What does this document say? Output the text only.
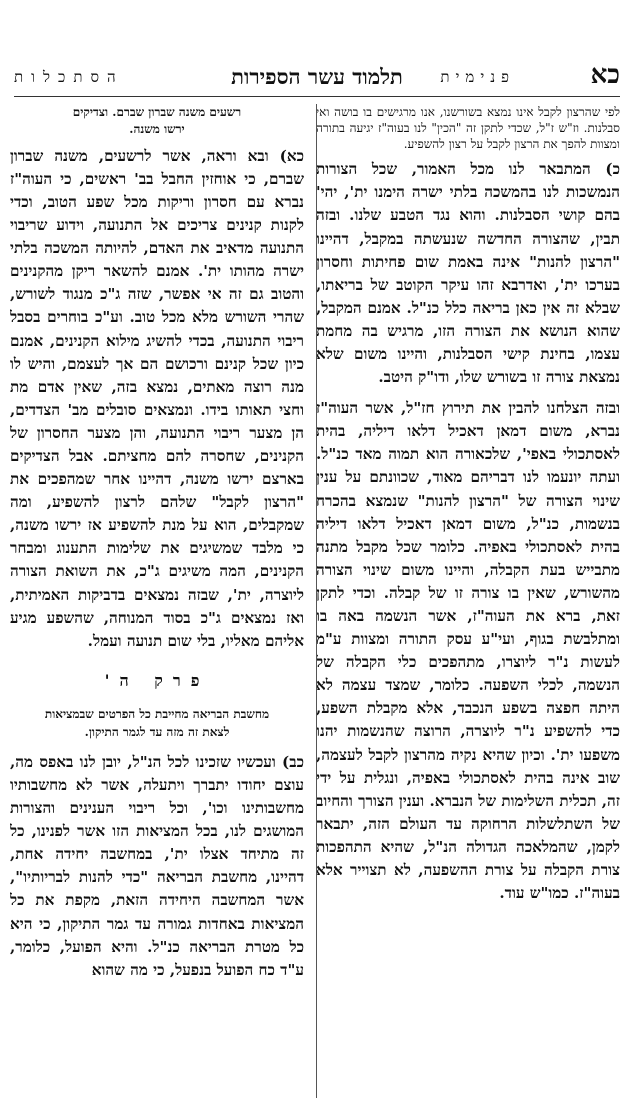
כא
פנימית
תלמוד עשר הספירות
הסתכלות

לפי שהרצון לקבל אינו נמצא בשורשנו, אנו מרגישים בו בושה ואי סבלנות. וז"ש ז"ל, שכדי לתקן זה "הכין" לנו בעוה"ז יגיעה בתורה ומצוות להפך את הרצון לקבל על רצון להשפיע.

כ) המתבאר לנו מכל האמור, שכל הצורות הנמשכות לנו בהמשכה בלתי ישרה הימנו ית', יהי' בהם קושי הסבלנות. והוא נגד הטבע שלנו. ובזה תבין, שהצורה החדשה שנעשתה במקבל, דהיינו "הרצון להנות" אינה באמת שום פחיתות וחסרון בערכו ית', ואדרבא זהו עיקר הקוטב של בריאתו, שבלא זה אין כאן בריאה כלל כנ"ל. אמנם המקבל, שהוא הנושא את הצורה הזו, מרגיש בה מחמת עצמו, בחינת קישי הסבלנות, והיינו משום שלא נמצאת צורה זו בשורש שלו, ודו"ק היטב.

ובזה הצלחנו להבין את תירוץ חז"ל, אשר העוה"ז נברא, משום דמאן דאכיל דלאו דיליה, בהית לאסתכולי באפי', שלכאורה הוא תמוה מאד כנ"ל. ועתה יונעמו לנו דבריהם מאוד, שכוונתם על ענין שינוי הצורה של "הרצון להנות" שנמצא בהכרח בנשמות, כנ"ל, משום דמאן דאכיל דלאו דיליה בהית לאסתכולי באפיה. כלומר שכל מקבל מתנה מתבייש בעת הקבלה, והיינו משום שינוי הצורה מהשורש, שאין בו צורה זו של קבלה. וכדי לתקן זאת, ברא את העוה"ז, אשר הנשמה באה בו ומתלבשת בגוף, ועי"ע עסק התורה ומצוות ע"מ לעשות נ"ר ליוצרו, מתהפכים כלי הקבלה של הנשמה, לכלי השפעה. כלומר, שמצד עצמה לא היתה חפצה בשפע הנכבד, אלא מקבלת השפע, כדי להשפיע נ"ר ליוצרה, הרוצה שהנשמות יהנו משפעו ית'. וכיון שהיא נקיה מהרצון לקבל לעצמה, שוב אינה בהית לאסתכולי באפיה, ונגלית על ידי זה, תכלית השלימות של הנברא. וענין הצורך והחיוב של השתלשלות הרחוקה עד העולם הזה, יתבאר לקמן, שהמלאכה הגדולה הנ"ל, שהיא התהפכות צורת הקבלה על צורת ההשפעה, לא תצוייר אלא בעוה"ז. כמו"ש עוד.

רשעים משנה שברון שברם. וצדיקים
ירשו משנה.

כא) ובא וראה, אשר לרשעים, משנה שברון שברם, כי אוחזין החבל בב' ראשים, כי העוה"ז נברא עם חסרון וריקות מכל שפע הטוב, וכדי לקנות קנינים צריכים אל התנועה, וידוע שריבוי התנועה מדאיב את האדם, להיותה המשכה בלתי ישרה מהותו ית'. אמנם להשאר ריקן מהקנינים והטוב גם זה אי אפשר, שזה ג"כ מנגוד לשורש, שהרי השורש מלא מכל טוב. וע"כ בוחרים בסבל ריבוי התנועה, בכדי להשיג מילוא הקנינים, אמנם כיון שכל קנינם ורכושם הם אך לעצמם, והיש לו מנה רוצה מאתים, נמצא בזה, שאין אדם מת וחצי תאותו בידו. ונמצאים סובלים מב' הצדדים, הן מצער ריבוי התנועה, והן מצער החסרון של הקנינים, שחסרה להם מחציתם. אבל הצדיקים בארצם ירשו משנה, דהיינו אחר שמהפכים את "הרצון לקבל" שלהם לרצון להשפיע, ומה שמקבלים, הוא על מנת להשפיע אז ירשו משנה, כי מלבד שמשיגים את שלימות התענוג ומבחר הקנינים, המה משיגים ג"כ, את השואת הצורה ליוצרה, ית', שבזה נמצאים בדביקות האמיתית, ואז נמצאים ג"כ בסוד המנוחה, שהשפע מגיע אליהם מאליו, בלי שום תנועה ועמל.

פרק ה'
מחשבת הבריאה מחייבת כל הפרטים שבמציאות
לצאת זה מזה עד לגמר התיקון.

כב) ועכשיו שזכינו לכל הנ"ל, יובן לנו באפס מה, עוצם יחודו יתברך ויתעלה, אשר לא מחשבותיו מחשבותינו וכו', וכל ריבוי הענינים והצורות המושגים לנו, בכל המציאות הזו אשר לפנינו, כל זה מתיחד אצלו ית', במחשבה יחידה אחת, דהיינו, מחשבת הבריאה "כדי להנות לבריותיו", אשר המחשבה היחידה הזאת, מקפת את כל המציאות באחדות גמורה עד גמר התיקון, כי היא כל מטרת הבריאה כנ"ל. והיא הפועל, כלומר, ע"ד כח הפועל בנפעל, כי מה שהוא
